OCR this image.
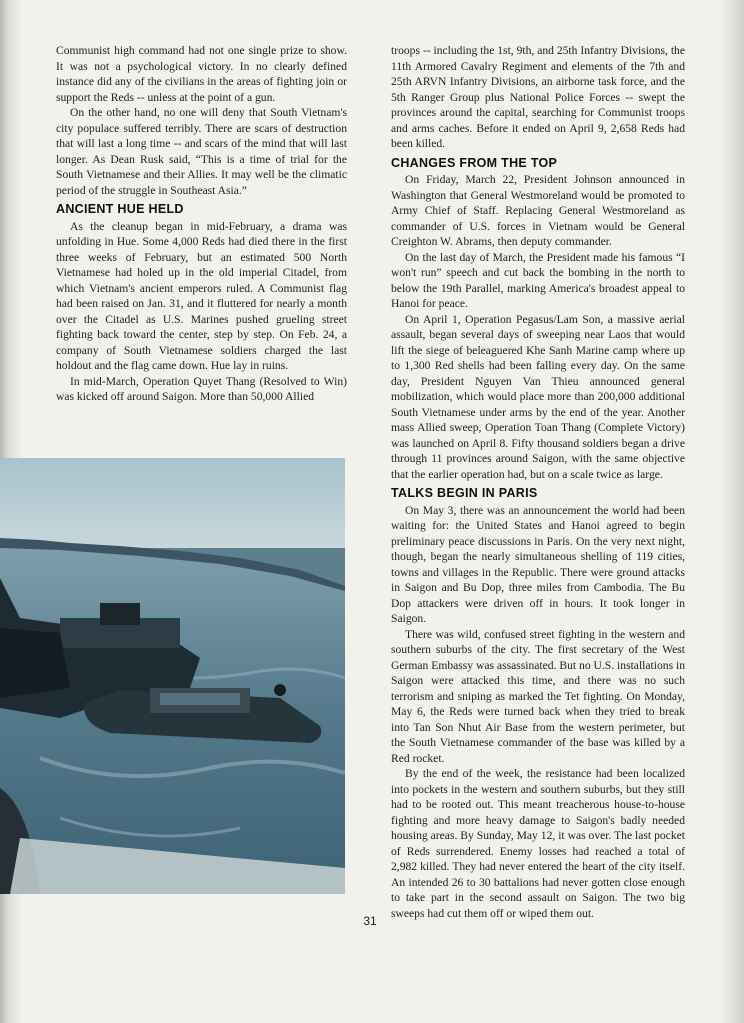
Communist high command had not one single prize to show. It was not a psychological victory. In no clearly defined instance did any of the civilians in the areas of fighting join or support the Reds -- unless at the point of a gun.

On the other hand, no one will deny that South Vietnam's city populace suffered terribly. There are scars of destruction that will last a long time -- and scars of the mind that will last longer. As Dean Rusk said, “This is a time of trial for the South Vietnamese and their Allies. It may well be the climatic period of the struggle in Southeast Asia.”

ANCIENT HUE HELD

As the cleanup began in mid-February, a drama was unfolding in Hue. Some 4,000 Reds had died there in the first three weeks of February, but an estimated 500 North Vietnamese had holed up in the old imperial Citadel, from which Vietnam's ancient emperors ruled. A Communist flag had been raised on Jan. 31, and it fluttered for nearly a month over the Citadel as U.S. Marines pushed grueling street fighting back toward the center, step by step. On Feb. 24, a company of South Vietnamese soldiers charged the last holdout and the flag came down. Hue lay in ruins.

In mid-March, Operation Quyet Thang (Resolved to Win) was kicked off around Saigon. More than 50,000 Allied

troops -- including the 1st, 9th, and 25th Infantry Divisions, the 11th Armored Cavalry Regiment and elements of the 7th and 25th ARVN Infantry Divisions, an airborne task force, and the 5th Ranger Group plus National Police Forces -- swept the provinces around the capital, searching for Communist troops and arms caches. Before it ended on April 9, 2,658 Reds had been killed.

CHANGES FROM THE TOP

On Friday, March 22, President Johnson announced in Washington that General Westmoreland would be promoted to Army Chief of Staff. Replacing General Westmoreland as commander of U.S. forces in Vietnam would be General Creighton W. Abrams, then deputy commander.

On the last day of March, the President made his famous “I won't run” speech and cut back the bombing in the north to below the 19th Parallel, marking America's broadest appeal to Hanoi for peace.

On April 1, Operation Pegasus/Lam Son, a massive aerial assault, began several days of sweeping near Laos that would lift the siege of beleaguered Khe Sanh Marine camp where up to 1,300 Red shells had been falling every day. On the same day, President Nguyen Van Thieu announced general mobilization, which would place more than 200,000 additional South Vietnamese under arms by the end of the year. Another mass Allied sweep, Operation Toan Thang (Complete Victory) was launched on April 8. Fifty thousand soldiers began a drive through 11 provinces around Saigon, with the same objective that the earlier operation had, but on a scale twice as large.

TALKS BEGIN IN PARIS

On May 3, there was an announcement the world had been waiting for: the United States and Hanoi agreed to begin preliminary peace discussions in Paris. On the very next night, though, began the nearly simultaneous shelling of 119 cities, towns and villages in the Republic. There were ground attacks in Saigon and Bu Dop, three miles from Cambodia. The Bu Dop attackers were driven off in hours. It took longer in Saigon.

There was wild, confused street fighting in the western and southern suburbs of the city. The first secretary of the West German Embassy was assassinated. But no U.S. installations in Saigon were attacked this time, and there was no such terrorism and sniping as marked the Tet fighting. On Monday, May 6, the Reds were turned back when they tried to break into Tan Son Nhut Air Base from the western perimeter, but the South Vietnamese commander of the base was killed by a Red rocket.

By the end of the week, the resistance had been localized into pockets in the western and southern suburbs, but they still had to be rooted out. This meant treacherous house-to-house fighting and more heavy damage to Saigon's badly needed housing areas. By Sunday, May 12, it was over. The last pocket of Reds surrendered. Enemy losses had reached a total of 2,982 killed. They had never entered the heart of the city itself. An intended 26 to 30 battalions had never gotten close enough to take part in the second assault on Saigon. The two big sweeps had cut them off or wiped them out.

31
